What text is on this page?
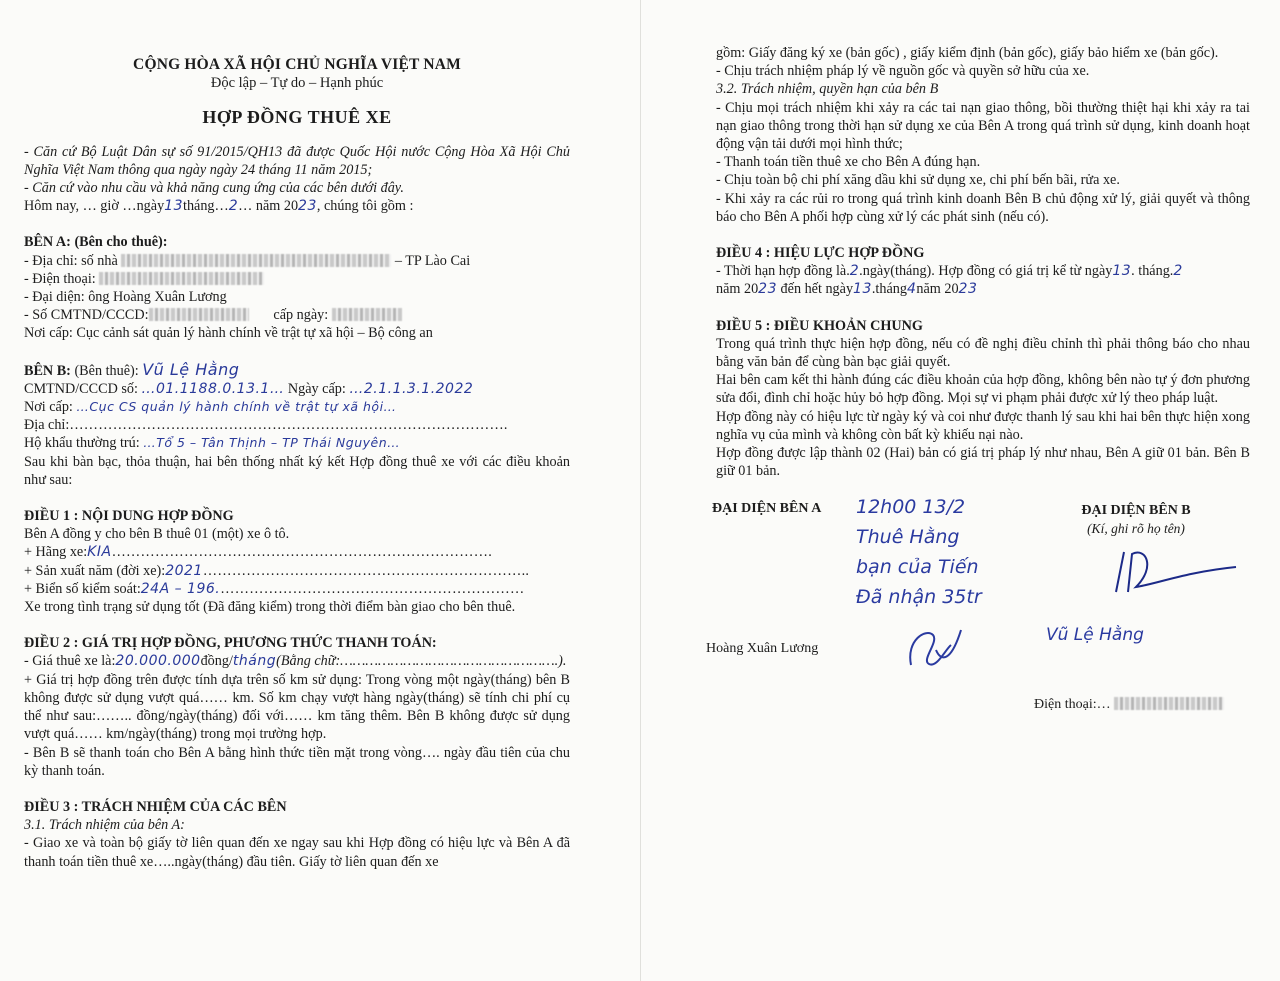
CỘNG HÒA XÃ HỘI CHỦ NGHĨA VIỆT NAM
Độc lập – Tự do – Hạnh phúc
HỢP ĐỒNG THUÊ XE
- Căn cứ Bộ Luật Dân sự số 91/2015/QH13 đã được Quốc Hội nước Cộng Hòa Xã Hội Chủ Nghĩa Việt Nam thông qua ngày ngày 24 tháng 11 năm 2015;
- Căn cứ vào nhu cầu và khả năng cung ứng của các bên dưới đây.
Hôm nay, … giờ …ngày13tháng…2… năm 2023, chúng tôi gồm :
BÊN A: (Bên cho thuê):
- Địa chỉ: số nhà	– TP Lào Cai
- Điện thoại:
- Đại diện: ông Hoàng Xuân Lương
- Số CMTND/CCCD:	cấp ngày:
Nơi cấp: Cục cảnh sát quản lý hành chính về trật tự xã hội – Bộ công an
BÊN B: (Bên thuê): Vũ Lệ Hằng
CMTND/CCCD số: …01.1188.0.13.1… Ngày cấp: …2.1.1.3.1.2022
Nơi cấp: …Cục CS quản lý hành chính về trật tự xã hội…
Địa chỉ:……………………………………………………………………………….
Hộ khẩu thường trú: …Tổ 5 – Tân Thịnh – TP Thái Nguyên…
Sau khi bàn bạc, thỏa thuận, hai bên thống nhất ký kết Hợp đồng thuê xe với các điều khoản như sau:
ĐIỀU 1 : NỘI DUNG HỢP ĐỒNG
Bên A đồng y cho bên B thuê 01 (một) xe ô tô.
+ Hãng xe:KIA…………………………………………………………………….
+ Sản xuất năm (đời xe):2021…………………………………………………………..
+ Biển số kiểm soát:24A – 196.………………………………………………………
Xe trong tình trạng sử dụng tốt (Đã đăng kiểm) trong thời điểm bàn giao cho bên thuê.
ĐIỀU 2 : GIÁ TRỊ HỢP ĐỒNG, PHƯƠNG THỨC THANH TOÁN:
- Giá thuê xe là:20.000.000đồng/tháng(Bằng chữ:…………………………………………….).
+ Giá trị hợp đồng trên được tính dựa trên số km sử dụng: Trong vòng một ngày(tháng) bên B không được sử dụng vượt quá…… km. Số km chạy vượt hàng ngày(tháng) sẽ tính chi phí cụ thể như sau:…….. đồng/ngày(tháng) đối với…… km tăng thêm. Bên B không được sử dụng vượt quá…… km/ngày(tháng) trong mọi trường hợp.
- Bên B sẽ thanh toán cho Bên A bằng hình thức tiền mặt trong vòng…. ngày đầu tiên của chu kỳ thanh toán.
ĐIỀU 3 : TRÁCH NHIỆM CỦA CÁC BÊN
3.1. Trách nhiệm của bên A:
- Giao xe và toàn bộ giấy tờ liên quan đến xe ngay sau khi Hợp đồng có hiệu lực và Bên A đã thanh toán tiền thuê xe…..ngày(tháng) đầu tiên. Giấy tờ liên quan đến xe
gồm: Giấy đăng ký xe (bản gốc) , giấy kiểm định (bản gốc), giấy bảo hiểm xe (bản gốc).
- Chịu trách nhiệm pháp lý về nguồn gốc và quyền sở hữu của xe.
3.2. Trách nhiệm, quyền hạn của bên B
- Chịu mọi trách nhiệm khi xảy ra các tai nạn giao thông, bồi thường thiệt hại khi xảy ra tai nạn giao thông trong thời hạn sử dụng xe của Bên A trong quá trình sử dụng, kinh doanh hoạt động vận tải dưới mọi hình thức;
- Thanh toán tiền thuê xe cho Bên A đúng hạn.
- Chịu toàn bộ chi phí xăng dầu khi sử dụng xe, chi phí bến bãi, rửa xe.
- Khi xảy ra các rủi ro trong quá trình kinh doanh Bên B chủ động xử lý, giải quyết và thông báo cho Bên A phối hợp cùng xử lý các phát sinh (nếu có).
ĐIỀU 4 : HIỆU LỰC HỢP ĐỒNG
- Thời hạn hợp đồng là.2.ngày(tháng). Hợp đồng có giá trị kể từ ngày13. tháng.2
năm 2023 đến hết ngày13.tháng4năm 2023
ĐIỀU 5 : ĐIỀU KHOẢN CHUNG
Trong quá trình thực hiện hợp đồng, nếu có đề nghị điều chỉnh thì phải thông báo cho nhau bằng văn bản để cùng bàn bạc giải quyết.
Hai bên cam kết thi hành đúng các điều khoản của hợp đồng, không bên nào tự ý đơn phương sửa đổi, đình chỉ hoặc hủy bỏ hợp đồng. Mọi sự vi phạm phải được xử lý theo pháp luật.
Hợp đồng này có hiệu lực từ ngày ký và coi như được thanh lý sau khi hai bên thực hiện xong nghĩa vụ của mình và không còn bất kỳ khiếu nại nào.
Hợp đồng được lập thành 02 (Hai) bản có giá trị pháp lý như nhau, Bên A giữ 01 bản. Bên B giữ 01 bản.
ĐẠI DIỆN BÊN A	ĐẠI DIỆN BÊN B
(Kí, ghi rõ họ tên)
12h00 13/2
Thuê Hằng
bạn của Tiến
Đã nhận 35tr
Hoàng Xuân Lương
Vũ Lệ Hằng
Điện thoại:…
